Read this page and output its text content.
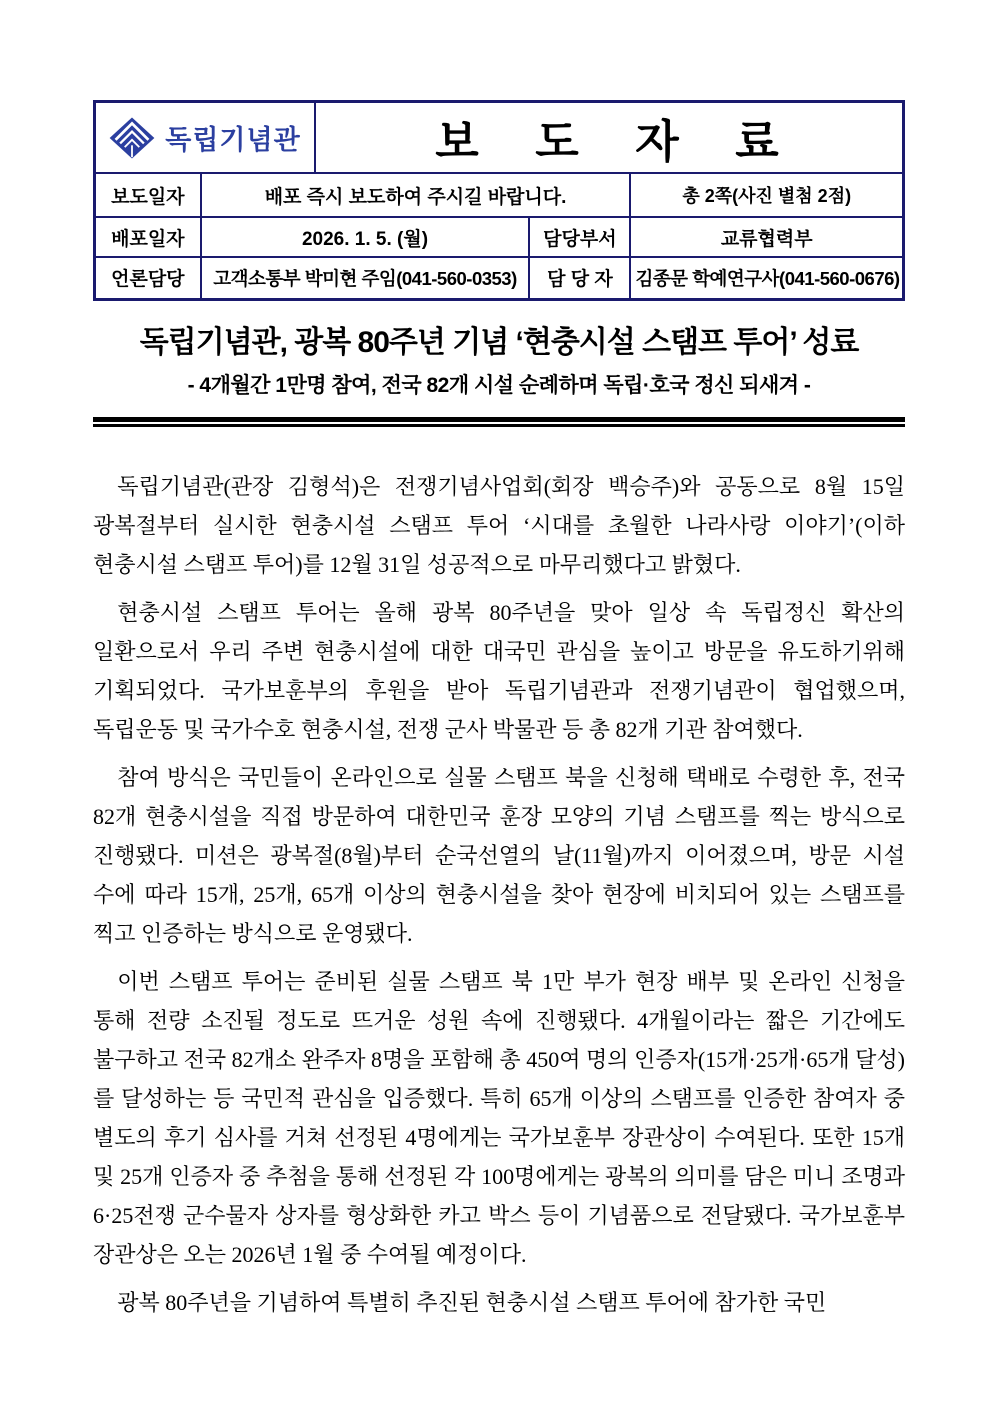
독립기념관		보 도 자 료		
보도일자	배포 즉시 보도하여 주시길 바랍니다.			총 2쪽(사진 별첨 2점)
배포일자	2026. 1. 5. (월)		담당부서	교류협력부
언론담당	고객소통부 박미현 주임(041-560-0353)		담 당 자	김종문 학예연구사(041-560-0676)
독립기념관, 광복 80주년 기념 ‘현충시설 스탬프 투어’ 성료
- 4개월간 1만명 참여, 전국 82개 시설 순례하며 독립·호국 정신 되새겨 -

독립기념관(관장 김형석)은 전쟁기념사업회(회장 백승주)와 공동으로 8월 15일 광복절부터 실시한 현충시설 스탬프 투어 ‘시대를 초월한 나라사랑 이야기’(이하 현충시설 스탬프 투어)를 12월 31일 성공적으로 마무리했다고 밝혔다.

현충시설 스탬프 투어는 올해 광복 80주년을 맞아 일상 속 독립정신 확산의 일환으로서 우리 주변 현충시설에 대한 대국민 관심을 높이고 방문을 유도하기위해 기획되었다. 국가보훈부의 후원을 받아 독립기념관과 전쟁기념관이 협업했으며, 독립운동 및 국가수호 현충시설, 전쟁 군사 박물관 등 총 82개 기관 참여했다.

참여 방식은 국민들이 온라인으로 실물 스탬프 북을 신청해 택배로 수령한 후, 전국 82개 현충시설을 직접 방문하여 대한민국 훈장 모양의 기념 스탬프를 찍는 방식으로 진행됐다. 미션은 광복절(8월)부터 순국선열의 날(11월)까지 이어졌으며, 방문 시설 수에 따라 15개, 25개, 65개 이상의 현충시설을 찾아 현장에 비치되어 있는 스탬프를 찍고 인증하는 방식으로 운영됐다.

이번 스탬프 투어는 준비된 실물 스탬프 북 1만 부가 현장 배부 및 온라인 신청을 통해 전량 소진될 정도로 뜨거운 성원 속에 진행됐다. 4개월이라는 짧은 기간에도 불구하고 전국 82개소 완주자 8명을 포함해 총 450여 명의 인증자(15개·25개·65개 달성)를 달성하는 등 국민적 관심을 입증했다. 특히 65개 이상의 스탬프를 인증한 참여자 중 별도의 후기 심사를 거쳐 선정된 4명에게는 국가보훈부 장관상이 수여된다. 또한 15개 및 25개 인증자 중 추첨을 통해 선정된 각 100명에게는 광복의 의미를 담은 미니 조명과 6·25전쟁 군수물자 상자를 형상화한 카고 박스 등이 기념품으로 전달됐다. 국가보훈부 장관상은 오는 2026년 1월 중 수여될 예정이다.

광복 80주년을 기념하여 특별히 추진된 현충시설 스탬프 투어에 참가한 국민
